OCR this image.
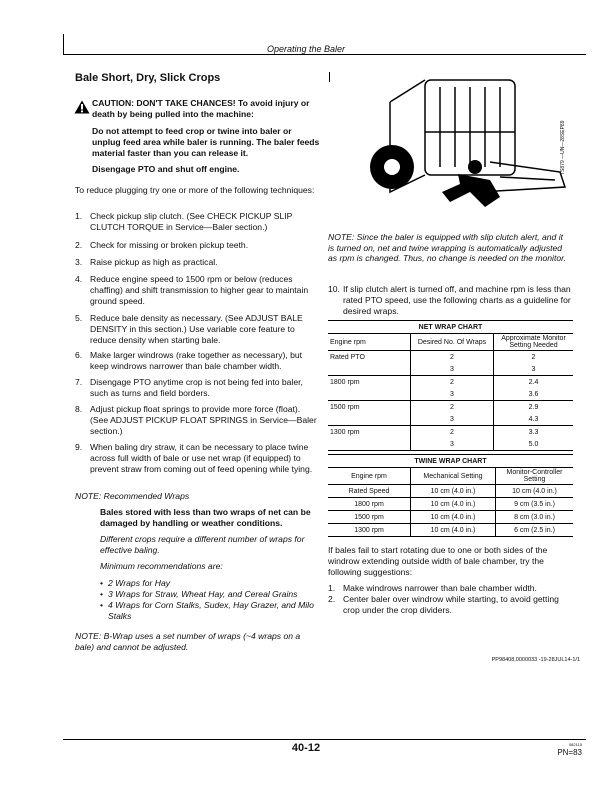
Operating the Baler
Bale Short, Dry, Slick Crops
CAUTION: DON'T TAKE CHANCES! To avoid injury or death by being pulled into the machine:
Do not attempt to feed crop or twine into baler or unplug feed area while baler is running. The baler feeds material faster than you can release it.
Disengage PTO and shut off engine.
To reduce plugging try one or more of the following techniques:
1. Check pickup slip clutch. (See CHECK PICKUP SLIP CLUTCH TORQUE in Service—Baler section.)
2. Check for missing or broken pickup teeth.
3. Raise pickup as high as practical.
4. Reduce engine speed to 1500 rpm or below (reduces chaffing) and shift transmission to higher gear to maintain ground speed.
5. Reduce bale density as necessary. (See ADJUST BALE DENSITY in this section.) Use variable core feature to reduce density when starting bale.
6. Make larger windrows (rake together as necessary), but keep windrows narrower than bale chamber width.
7. Disengage PTO anytime crop is not being fed into baler, such as turns and field borders.
8. Adjust pickup float springs to provide more force (float). (See ADJUST PICKUP FLOAT SPRINGS in Service—Baler section.)
9. When baling dry straw, it can be necessary to place twine across full width of bale or use net wrap (if equipped) to prevent straw from coming out of feed opening while tying.
NOTE: Recommended Wraps
Bales stored with less than two wraps of net can be damaged by handling or weather conditions.
Different crops require a different number of wraps for effective baling.
Minimum recommendations are:
• 2 Wraps for Hay
• 3 Wraps for Straw, Wheat Hay, and Cereal Grains
• 4 Wraps for Corn Stalks, Sudex, Hay Grazer, and Milo Stalks
NOTE: B-Wrap uses a set number of wraps (~4 wraps on a bale) and cannot be adjusted.
TS879 —UN—28SEP89
NOTE: Since the baler is equipped with slip clutch alert, and it is turned on, net and twine wrapping is automatically adjusted as rpm is changed. Thus, no change is needed on the monitor.
10. If slip clutch alert is turned off, and machine rpm is less than rated PTO speed, use the following charts as a guideline for desired wraps.
NET WRAP CHART		
Engine rpm	Desired No. Of Wraps	Approximate Monitor Setting Needed
Rated PTO	2	2
	3	3
1800 rpm	2	2.4
	3	3.6
1500 rpm	2	2.9
	3	4.3
1300 rpm	2	3.3
	3	5.0
TWINE WRAP CHART		
Engine rpm	Mechanical Setting	Monitor-Controller Setting
Rated Speed	10 cm (4.0 in.)	10 cm (4.0 in.)
1800 rpm	10 cm (4.0 in.)	9 cm (3.5 in.)
1500 rpm	10 cm (4.0 in.)	8 cm (3.0 in.)
1300 rpm	10 cm (4.0 in.)	6 cm (2.5 in.)
If bales fail to start rotating due to one or both sides of the windrow extending outside width of bale chamber, try the following suggestions:
1. Make windrows narrower than bale chamber width.
2. Center baler over windrow while starting, to avoid getting crop under the crop dividers.
PP98408,0000033 -19-28JUL14-1/1
40-12	082115
PN=83
